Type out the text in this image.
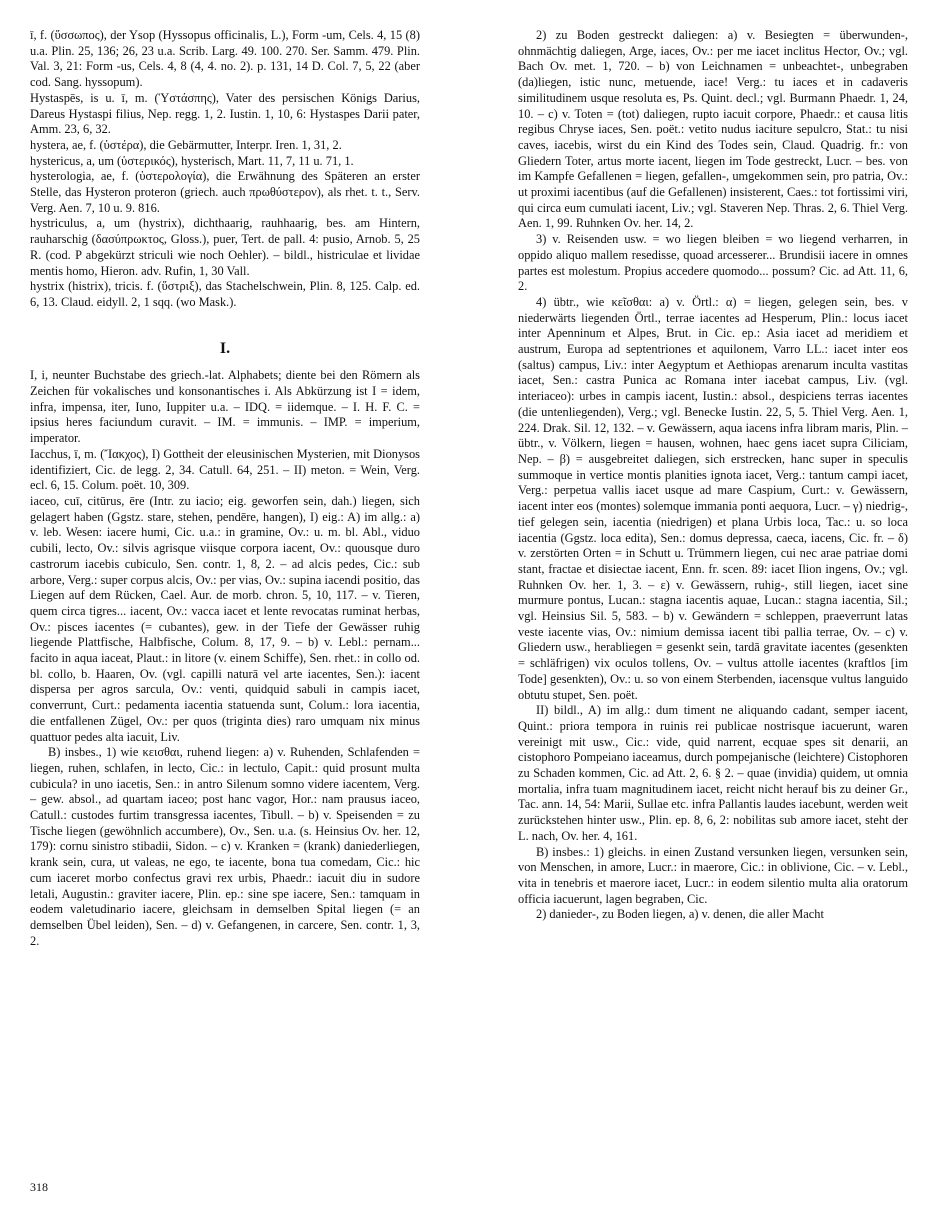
ī, f. (ὕσσωπος), der Ysop (Hyssopus officinalis, L.), Form -um, Cels. 4, 15 (8) u.a. Plin. 25, 136; 26, 23 u.a. Scrib. Larg. 49. 100. 270. Ser. Samm. 479. Plin. Val. 3, 21: Form -us, Cels. 4, 8 (4, 4. no. 2). p. 131, 14 D. Col. 7, 5, 22 (aber cod. Sang. hyssopum).

Hystaspēs, is u. ī, m. (Ὑστάσπης), Vater des persischen Königs Darius, Dareus Hystaspi filius, Nep. regg. 1, 2. Iustin. 1, 10, 6: Hystaspes Darii pater, Amm. 23, 6, 32.

hystera, ae, f. (ὑστέρα), die Gebärmutter, Interpr. Iren. 1, 31, 2.

hystericus, a, um (ὑστερικός), hysterisch, Mart. 11, 7, 11 u. 71, 1.

hysterologia, ae, f. (ὑστερολογία), die Erwähnung des Späteren an erster Stelle, das Hysteron proteron (griech. auch πρωθύστερον), als rhet. t. t., Serv. Verg. Aen. 7, 10 u. 9. 816.

hystriculus, a, um (hystrix), dichthaarig, rauhhaarig, bes. am Hintern, rauharschig (δασύπρωκτος, Gloss.), puer, Tert. de pall. 4: pusio, Arnob. 5, 25 R. (cod. P abgekürzt striculi wie noch Oehler). – bildl., histriculae et lividae mentis homo, Hieron. adv. Rufin, 1, 30 Vall.

hystrix (histrix), tricis. f. (ὕστριξ), das Stachelschwein, Plin. 8, 125. Calp. ed. 6, 13. Claud. eidyll. 2, 1 sqq. (wo Mask.).

I.

I, i, neunter Buchstabe des griech.-lat. Alphabets; diente bei den Römern als Zeichen für vokalisches und konsonantisches i. Als Abkürzung ist I = idem, infra, impensa, iter, Iuno, Iuppiter u.a. – IDQ. = iidemque. – I. H. F. C. = ipsius heres faciundum curavit. – IM. = immunis. – IMP. = imperium, imperator.

Iacchus, ī, m. (Ἴακχος), I) Gottheit der eleusinischen Mysterien, mit Dionysos identifiziert, Cic. de legg. 2, 34. Catull. 64, 251. – II) meton. = Wein, Verg. ecl. 6, 15. Colum. poët. 10, 309.

iaceo, cuī, citūrus, ēre (Intr. zu iacio; eig. geworfen sein, dah.) liegen, sich gelagert haben (Ggstz. stare, stehen, pendēre, hangen), I) eig.: A) im allg.: a) v. leb. Wesen: iacere humi, Cic. u.a.: in gramine, Ov.: u. m. bl. Abl., viduo cubili, lecto, Ov.: silvis agrisque viisque corpora iacent, Ov.: quousque duro castrorum iacebis cubiculo, Sen. contr. 1, 8, 2. – ad alcis pedes, Cic.: sub arbore, Verg.: super corpus alcis, Ov.: per vias, Ov.: supina iacendi positio, das Liegen auf dem Rücken, Cael. Aur. de morb. chron. 5, 10, 117. – v. Tieren, quem circa tigres... iacent, Ov.: vacca iacet et lente revocatas ruminat herbas, Ov.: pisces iacentes (= cubantes), gew. in der Tiefe der Gewässer ruhig liegende Plattfische, Halbfische, Colum. 8, 17, 9. – b) v. Lebl.: pernam... facito in aqua iaceat, Plaut.: in litore (v. einem Schiffe), Sen. rhet.: in collo od. bl. collo, b. Haaren, Ov. (vgl. capilli naturā vel arte iacentes, Sen.): iacent dispersa per agros sarcula, Ov.: venti, quidquid sabuli in campis iacet, converrunt, Curt.: pedamenta iacentia statuenda sunt, Colum.: lora iacentia, die entfallenen Zügel, Ov.: per quos (triginta dies) raro umquam nix minus quattuor pedes alta iacuit, Liv.

B) insbes., 1) wie κεισθαι, ruhend liegen: a) v. Ruhenden, Schlafenden = liegen, ruhen, schlafen, in lecto, Cic.: in lectulo, Capit.: quid prosunt multa cubicula? in uno iacetis, Sen.: in antro Silenum somno videre iacentem, Verg. – gew. absol., ad quartam iaceo; post hanc vagor, Hor.: nam prausus iaceo, Catull.: custodes furtim transgressa iacentes, Tibull. – b) v. Speisenden = zu Tische liegen (gewöhnlich accumbere), Ov., Sen. u.a. (s. Heinsius Ov. her. 12, 179): cornu sinistro stibadii, Sidon. – c) v. Kranken = (krank) daniederliegen, krank sein, cura, ut valeas, ne ego, te iacente, bona tua comedam, Cic.: hic cum iaceret morbo confectus gravi rex urbis, Phaedr.: iacuit diu in sudore letali, Augustin.: graviter iacere, Plin. ep.: sine spe iacere, Sen.: tamquam in eodem valetudinario iacere, gleichsam in demselben Spital liegen (= an demselben Übel leiden), Sen. – d) v. Gefangenen, in carcere, Sen. contr. 1, 3, 2.

2) zu Boden gestreckt daliegen: a) v. Besiegten = überwunden-, ohnmächtig daliegen, Arge, iaces, Ov.: per me iacet inclitus Hector, Ov.; vgl. Bach Ov. met. 1, 720. – b) von Leichnamen = unbeachtet-, unbegraben (da)liegen, istic nunc, metuende, iace! Verg.: tu iaces et in cadaveris similitudinem usque resoluta es, Ps. Quint. decl.; vgl. Burmann Phaedr. 1, 24, 10. – c) v. Toten = (tot) daliegen, rupto iacuit corpore, Phaedr.: et causa litis regibus Chryse iaces, Sen. poët.: vetito nudus iaciture sepulcro, Stat.: tu nisi caves, iacebis, wirst du ein Kind des Todes sein, Claud. Quadrig. fr.: von Gliedern Toter, artus morte iacent, liegen im Tode gestreckt, Lucr. – bes. von im Kampfe Gefallenen = liegen, gefallen-, umgekommen sein, pro patria, Ov.: ut proximi iacentibus (auf die Gefallenen) insisterent, Caes.: tot fortissimi viri, qui circa eum cumulati iacent, Liv.; vgl. Staveren Nep. Thras. 2, 6. Thiel Verg. Aen. 1, 99. Ruhnken Ov. her. 14, 2.

3) v. Reisenden usw. = wo liegen bleiben = wo liegend verharren, in oppido aliquo mallem resedisse, quoad arcesserer... Brundisii iacere in omnes partes est molestum. Propius accedere quomodo... possum? Cic. ad Att. 11, 6, 2.

4) übtr., wie κεῖσθαι: a) v. Örtl.: α) = liegen, gelegen sein, bes. v niederwärts liegenden Örtl., terrae iacentes ad Hesperum, Plin.: locus iacet inter Apenninum et Alpes, Brut. in Cic. ep.: Asia iacet ad meridiem et austrum, Europa ad septentriones et aquilonem, Varro LL.: iacet inter eos (saltus) campus, Liv.: inter Aegyptum et Aethiopas arenarum inculta vastitas iacet, Sen.: castra Punica ac Romana inter iacebat campus, Liv. (vgl. interiaceo): urbes in campis iacent, Iustin.: absol., despiciens terras iacentes (die untenliegenden), Verg.; vgl. Benecke Iustin. 22, 5, 5. Thiel Verg. Aen. 1, 224. Drak. Sil. 12, 132. – v. Gewässern, aqua iacens infra libram maris, Plin. – übtr., v. Völkern, liegen = hausen, wohnen, haec gens iacet supra Ciliciam, Nep. – β) = ausgebreitet daliegen, sich erstrecken, hanc super in speculis summoque in vertice montis planities ignota iacet, Verg.: tantum campi iacet, Verg.: perpetua vallis iacet usque ad mare Caspium, Curt.: v. Gewässern, iacent inter eos (montes) solemque immania ponti aequora, Lucr. – γ) niedrig-, tief gelegen sein, iacentia (niedrigen) et plana Urbis loca, Tac.: u. so loca iacentia (Ggstz. loca edita), Sen.: domus depressa, caeca, iacens, Cic. fr. – δ) v. zerstörten Orten = in Schutt u. Trümmern liegen, cui nec arae patriae domi stant, fractae et disiectae iacent, Enn. fr. scen. 89: iacet Ilion ingens, Ov.; vgl. Ruhnken Ov. her. 1, 3. – ε) v. Gewässern, ruhig-, still liegen, iacet sine murmure pontus, Lucan.: stagna iacentis aquae, Lucan.: stagna iacentia, Sil.; vgl. Heinsius Sil. 5, 583. – b) v. Gewändern = schleppen, praeverrunt latas veste iacente vias, Ov.: nimium demissa iacent tibi pallia terrae, Ov. – c) v. Gliedern usw., herabliegen = gesenkt sein, tardā gravitate iacentes (gesenkten = schläfrigen) vix oculos tollens, Ov. – vultus attolle iacentes (kraftlos [im Tode] gesenkten), Ov.: u. so von einem Sterbenden, iacensque vultus languido obtutu stupet, Sen. poët.

II) bildl., A) im allg.: dum timent ne aliquando cadant, semper iacent, Quint.: priora tempora in ruinis rei publicae nostrisque iacuerunt, waren vereinigt mit usw., Cic.: vide, quid narrent, ecquae spes sit denarii, an cistophoro Pompeiano iaceamus, durch pompejanische (leichtere) Cistophoren zu Schaden kommen, Cic. ad Att. 2, 6. § 2. – quae (invidia) quidem, ut omnia mortalia, infra tuam magnitudinem iacet, reicht nicht herauf bis zu deiner Gr., Tac. ann. 14, 54: Marii, Sullae etc. infra Pallantis laudes iacebunt, werden weit zurückstehen hinter usw., Plin. ep. 8, 6, 2: nobilitas sub amore iacet, steht der L. nach, Ov. her. 4, 161.

B) insbes.: 1) gleichs. in einen Zustand versunken liegen, versunken sein, von Menschen, in amore, Lucr.: in maerore, Cic.: in oblivione, Cic. – v. Lebl., vita in tenebris et maerore iacet, Lucr.: in eodem silentio multa alia oratorum officia iacuerunt, lagen begraben, Cic.

2) danieder-, zu Boden liegen, a) v. denen, die aller Macht

318
